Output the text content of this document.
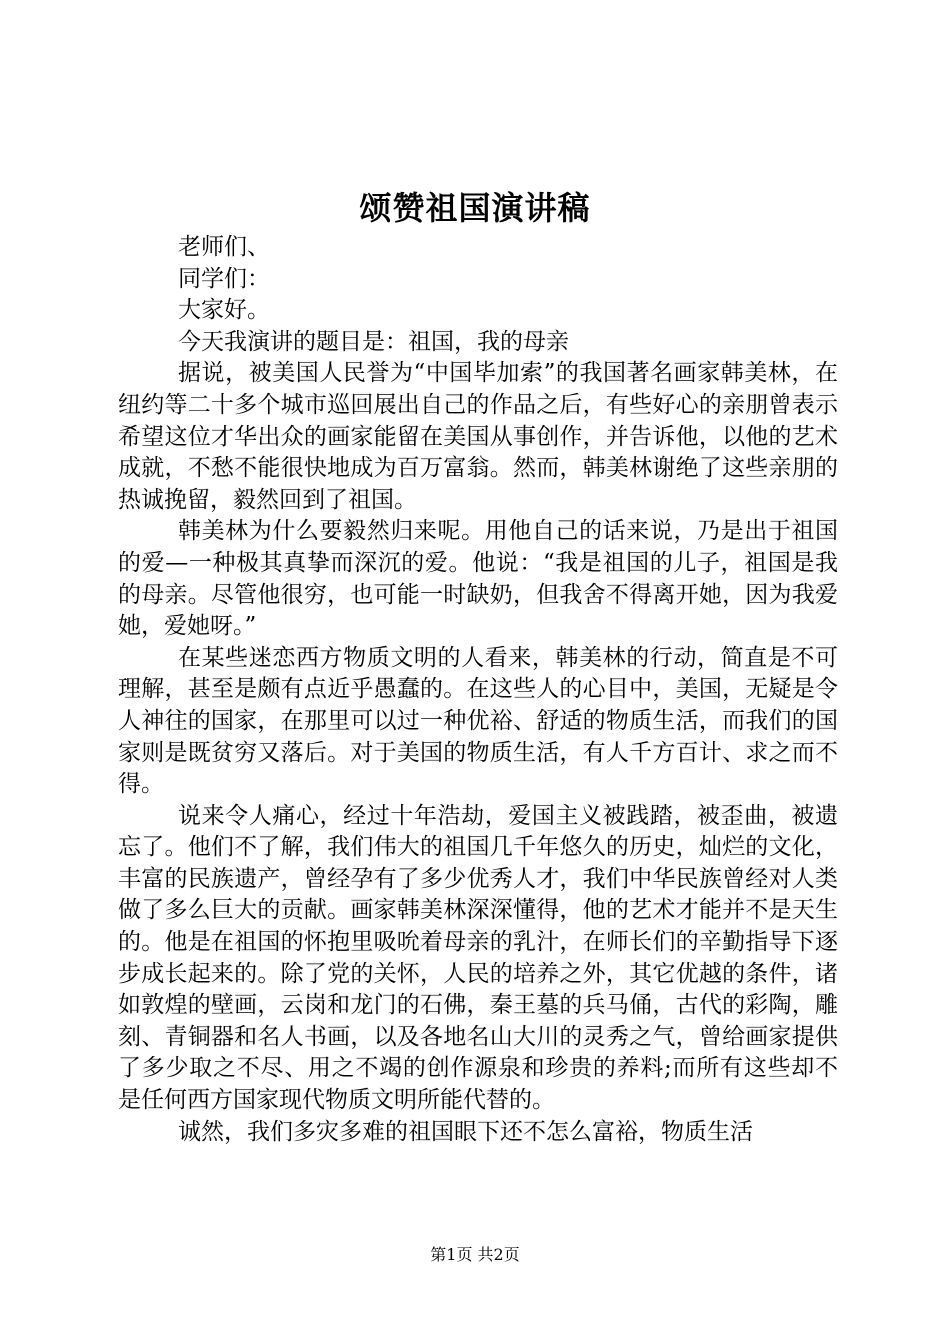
颂赞祖国演讲稿

老师们、

同学们：

大家好。

今天我演讲的题目是：祖国，我的母亲

据说，被美国人民誉为“中国毕加索”的我国著名画家韩美林，在纽约等二十多个城市巡回展出自己的作品之后，有些好心的亲朋曾表示希望这位才华出众的画家能留在美国从事创作，并告诉他，以他的艺术成就，不愁不能很快地成为百万富翁。然而，韩美林谢绝了这些亲朋的热诚挽留，毅然回到了祖国。

韩美林为什么要毅然归来呢。用他自己的话来说，乃是出于祖国的爱—一种极其真挚而深沉的爱。他说：“我是祖国的儿子，祖国是我的母亲。尽管他很穷，也可能一时缺奶，但我舍不得离开她，因为我爱她，爱她呀。”

在某些迷恋西方物质文明的人看来，韩美林的行动，简直是不可理解，甚至是颇有点近乎愚蠢的。在这些人的心目中，美国，无疑是令人神往的国家，在那里可以过一种优裕、舒适的物质生活，而我们的国家则是既贫穷又落后。对于美国的物质生活，有人千方百计、求之而不得。

说来令人痛心，经过十年浩劫，爱国主义被践踏，被歪曲，被遗忘了。他们不了解，我们伟大的祖国几千年悠久的历史，灿烂的文化，丰富的民族遗产，曾经孕有了多少优秀人才，我们中华民族曾经对人类做了多么巨大的贡献。画家韩美林深深懂得，他的艺术才能并不是天生的。他是在祖国的怀抱里吸吮着母亲的乳汁，在师长们的辛勤指导下逐步成长起来的。除了党的关怀，人民的培养之外，其它优越的条件，诸如敦煌的壁画，云岗和龙门的石佛，秦王墓的兵马俑，古代的彩陶，雕刻、青铜器和名人书画，以及各地名山大川的灵秀之气，曾给画家提供了多少取之不尽、用之不竭的创作源泉和珍贵的养料;而所有这些却不是任何西方国家现代物质文明所能代替的。

诚然，我们多灾多难的祖国眼下还不怎么富裕，物质生活

第1页 共2页
